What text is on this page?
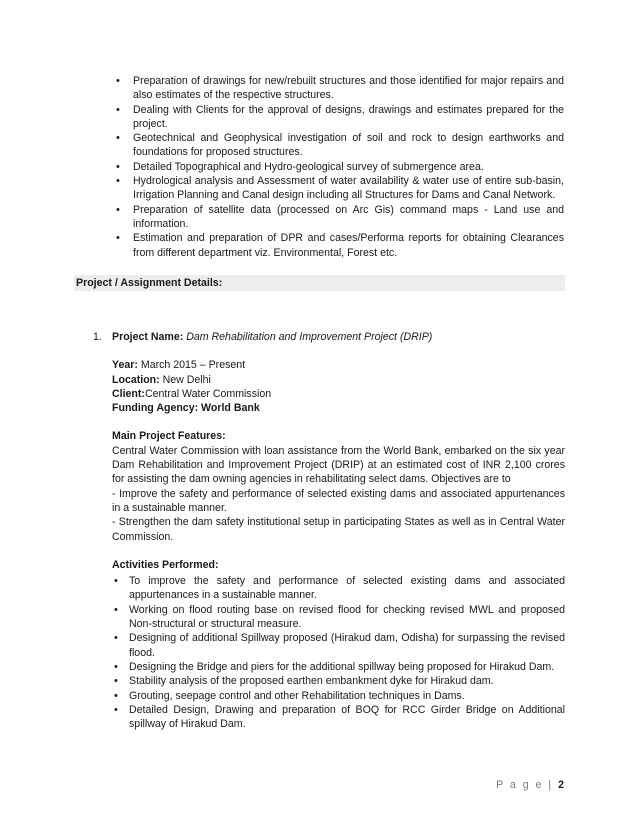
• Preparation of drawings for new/rebuilt structures and those identified for major repairs and also estimates of the respective structures.
• Dealing with Clients for the approval of designs, drawings and estimates prepared for the project.
• Geotechnical and Geophysical investigation of soil and rock to design earthworks and foundations for proposed structures.
• Detailed Topographical and Hydro-geological survey of submergence area.
• Hydrological analysis and Assessment of water availability & water use of entire sub-basin, Irrigation Planning and Canal design including all Structures for Dams and Canal Network.
• Preparation of satellite data (processed on Arc Gis) command maps - Land use and information.
• Estimation and preparation of DPR and cases/Performa reports for obtaining Clearances from different department viz. Environmental, Forest etc.
Project / Assignment Details:
1. Project Name: Dam Rehabilitation and Improvement Project (DRIP)
Year: March 2015 – Present
Location: New Delhi
Client:Central Water Commission
Funding Agency: World Bank
Main Project Features:
Central Water Commission with loan assistance from the World Bank, embarked on the six year Dam Rehabilitation and Improvement Project (DRIP) at an estimated cost of INR 2,100 crores for assisting the dam owning agencies in rehabilitating select dams. Objectives are to
- Improve the safety and performance of selected existing dams and associated appurtenances in a sustainable manner.
- Strengthen the dam safety institutional setup in participating States as well as in Central Water Commission.
Activities Performed:
• To improve the safety and performance of selected existing dams and associated appurtenances in a sustainable manner.
• Working on flood routing base on revised flood for checking revised MWL and proposed Non-structural or structural measure.
• Designing of additional Spillway proposed (Hirakud dam, Odisha) for surpassing the revised flood.
• Designing the Bridge and piers for the additional spillway being proposed for Hirakud Dam.
• Stability analysis of the proposed earthen embankment dyke for Hirakud dam.
• Grouting, seepage control and other Rehabilitation techniques in Dams.
• Detailed Design, Drawing and preparation of BOQ for RCC Girder Bridge on Additional spillway of Hirakud Dam.
P a g e | 2
